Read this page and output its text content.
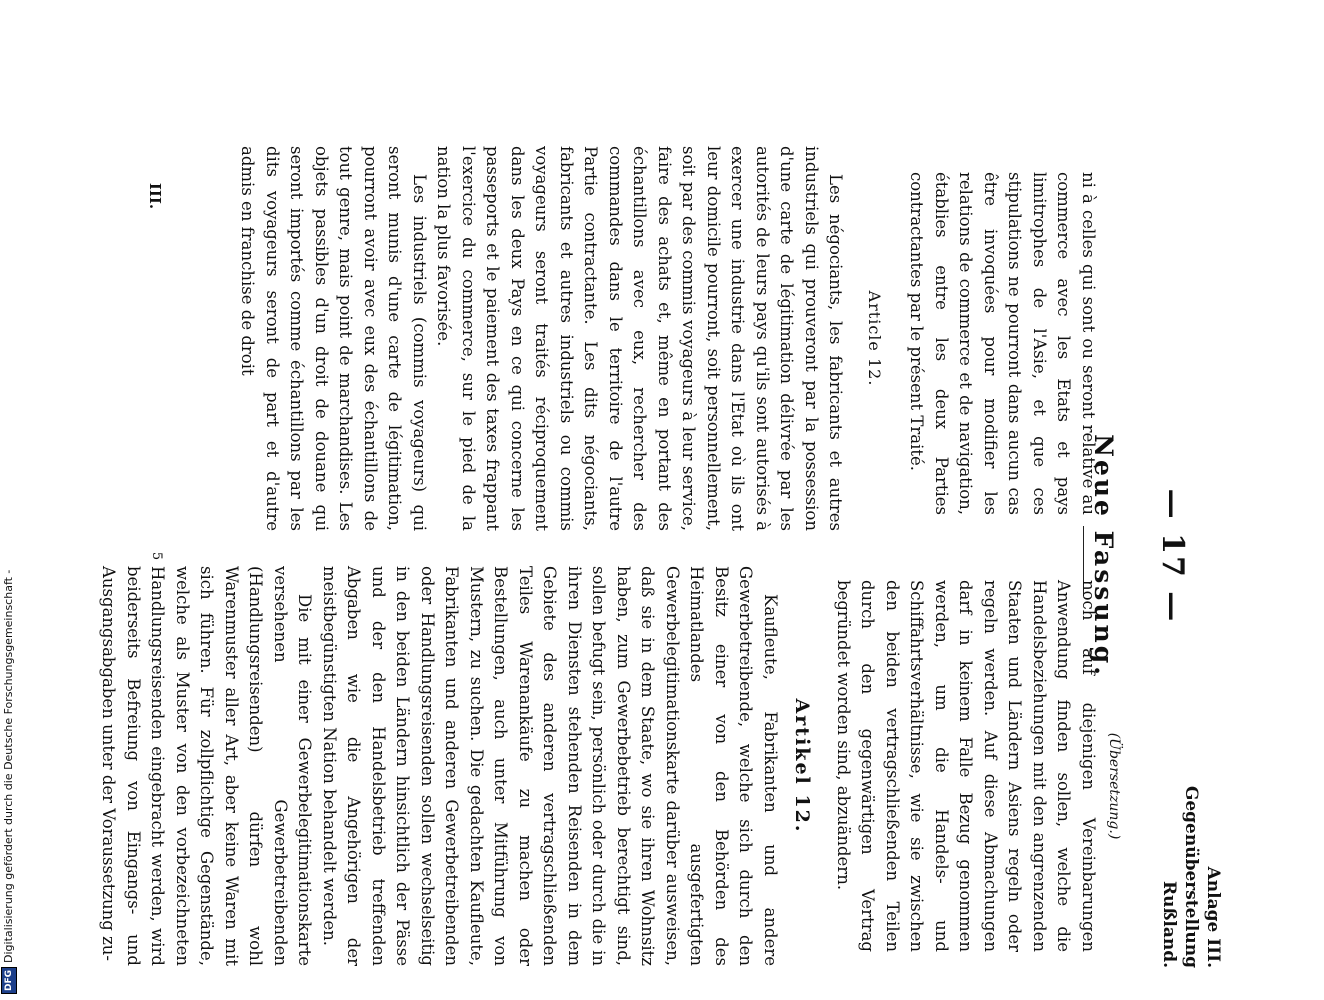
— 17 —
Anlage III.
Gegenüberstellung Rußland.
Neue Fassung.
(Übersetzung.)

ni à celles qui sont ou seront relative au commerce avec les Etats et pays limitrophes de l'Asie, et que ces stipulations ne pourront dans aucun cas être invoquées pour modifier les relations de commerce et de navigation, établies entre les deux Parties contractantes par le présent Traité.

Article 12.

Les négociants, les fabricants et autres industriels qui prouveront par la possession d'une carte de légitimation délivrée par les autorités de leurs pays qu'ils sont autorisés à exercer une industrie dans l'Etat où ils ont leur domicile pourront, soit personnellement, soit par des commis voyageurs à leur service, faire des achats et, même en portant des échantillons avec eux, rechercher des commandes dans le territoire de l'autre Partie contractante. Les dits négociants, fabricants et autres industriels ou commis voyageurs seront traités réciproquement dans les deux Pays en ce qui concerne les passeports et le paiement des taxes frappant l'exercice du commerce, sur le pied de la nation la plus favorisée.

Les industriels (commis voyageurs) qui seront munis d'une carte de légitimation, pourront avoir avec eux des échantillons de tout genre, mais point de marchandises. Les objets passibles d'un droit de douane qui seront importés comme échantillons par les dits voyageurs seront de part et d'autre admis en franchise de droit

noch auf diejenigen Vereinbarungen Anwendung finden sollen, welche die Handelsbeziehungen mit den angrenzenden Staaten und Ländern Asiens regeln oder regeln werden. Auf diese Abmachungen darf in keinem Falle Bezug genommen werden, um die Handels- und Schiffahrtsverhältnisse, wie sie zwischen den beiden vertragschließenden Teilen durch den gegenwärtigen Vertrag begründet worden sind, abzuändern.

Artikel 12.

Kaufleute, Fabrikanten und andere Gewerbetreibende, welche sich durch den Besitz einer von den Behörden des Heimatlandes ausgefertigten Gewerbelegitimationskarte darüber ausweisen, daß sie in dem Staate, wo sie ihren Wohnsitz haben, zum Gewerbebetrieb berechtigt sind, sollen befugt sein, persönlich oder durch die in ihren Diensten stehenden Reisenden in dem Gebiete des anderen vertragschließenden Teiles Warenankäufe zu machen oder Bestellungen, auch unter Mitführung von Mustern, zu suchen. Die gedachten Kaufleute, Fabrikanten und anderen Gewerbetreibenden oder Handlungsreisenden sollen wechselseitig in den beiden Ländern hinsichtlich der Pässe und der den Handelsbetrieb treffenden Abgaben wie die Angehörigen der meistbegünstigten Nation behandelt werden.

Die mit einer Gewerbelegitimationskarte versehenen Gewerbetreibenden (Handlungsreisenden) dürfen wohl Warenmuster aller Art, aber keine Waren mit sich führen. Für zollpflichtige Gegenstände, welche als Muster von den vorbezeichneten Handlungsreisenden eingebracht werden, wird beiderseits Befreiung von Eingangs- und Ausgangsabgaben unter der Voraussetzung zu-

III.
5
DFG
Digitalisierung gefördert durch die Deutsche Forschungsgemeinschaft -
